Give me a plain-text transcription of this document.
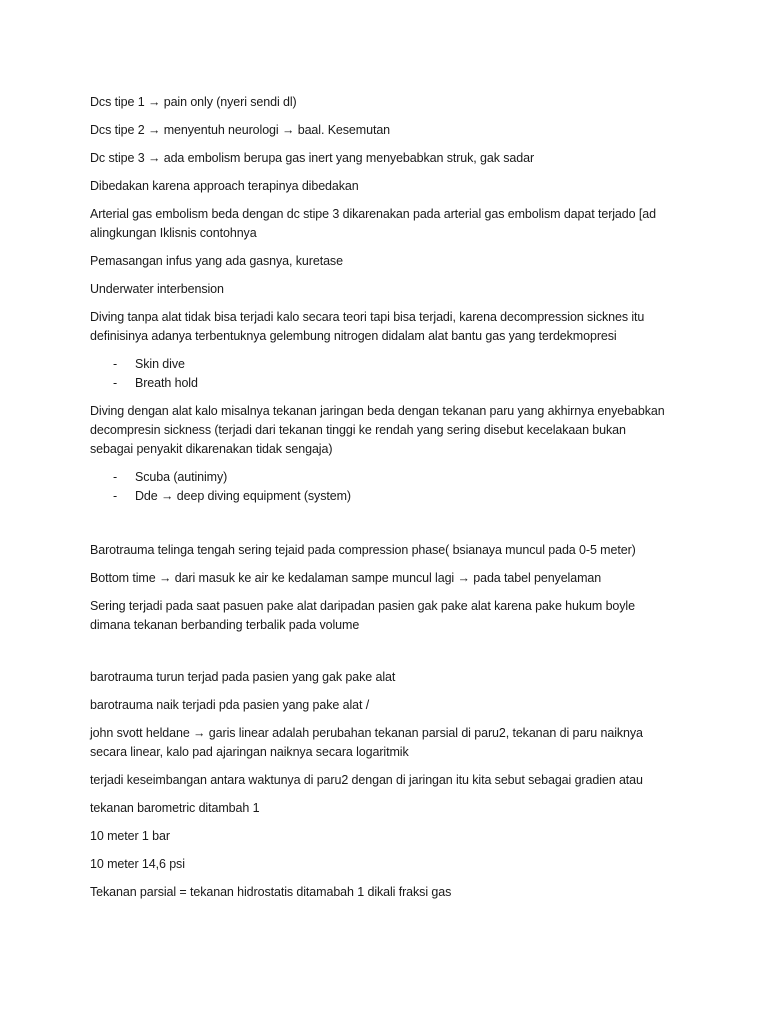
Dcs tipe 1 → pain only (nyeri sendi dl)

Dcs tipe 2 → menyentuh neurologi → baal. Kesemutan

Dc stipe 3 → ada embolism berupa gas inert yang menyebabkan struk, gak sadar

Dibedakan karena approach terapinya dibedakan

Arterial gas embolism beda dengan dc stipe 3 dikarenakan pada arterial gas embolism dapat terjado [ad
alingkungan Iklisnis contohnya

Pemasangan infus yang ada gasnya, kuretase

Underwater interbension

Diving tanpa alat tidak bisa terjadi kalo secara teori tapi bisa terjadi, karena decompression sicknes itu
definisinya adanya terbentuknya gelembung nitrogen didalam alat bantu gas yang terdekmopresi

- Skin dive
- Breath hold

Diving dengan alat kalo misalnya tekanan jaringan beda dengan tekanan paru yang akhirnya enyebabkan
decompresin sickness (terjadi dari tekanan tinggi ke rendah yang sering disebut kecelakaan bukan
sebagai penyakit dikarenakan tidak sengaja)

- Scuba (autinimy)
- Dde → deep diving equipment (system)

Barotrauma telinga tengah sering tejaid pada compression phase( bsianaya muncul pada 0-5 meter)

Bottom time → dari masuk ke air ke kedalaman sampe muncul lagi → pada tabel penyelaman

Sering terjadi pada saat pasuen pake alat daripadan pasien gak pake alat karena pake hukum boyle
dimana tekanan berbanding terbalik pada volume

barotrauma turun terjad pada pasien yang gak pake alat

barotrauma naik terjadi pda pasien yang pake alat /

john svott heldane → garis linear adalah perubahan tekanan parsial di paru2, tekanan di paru naiknya
secara linear, kalo pad ajaringan naiknya secara logaritmik

terjadi keseimbangan antara waktunya di paru2 dengan di jaringan itu kita sebut sebagai gradien atau

tekanan barometric ditambah 1

10 meter 1 bar

10 meter 14,6 psi

Tekanan parsial = tekanan hidrostatis ditamabah 1 dikali fraksi gas
